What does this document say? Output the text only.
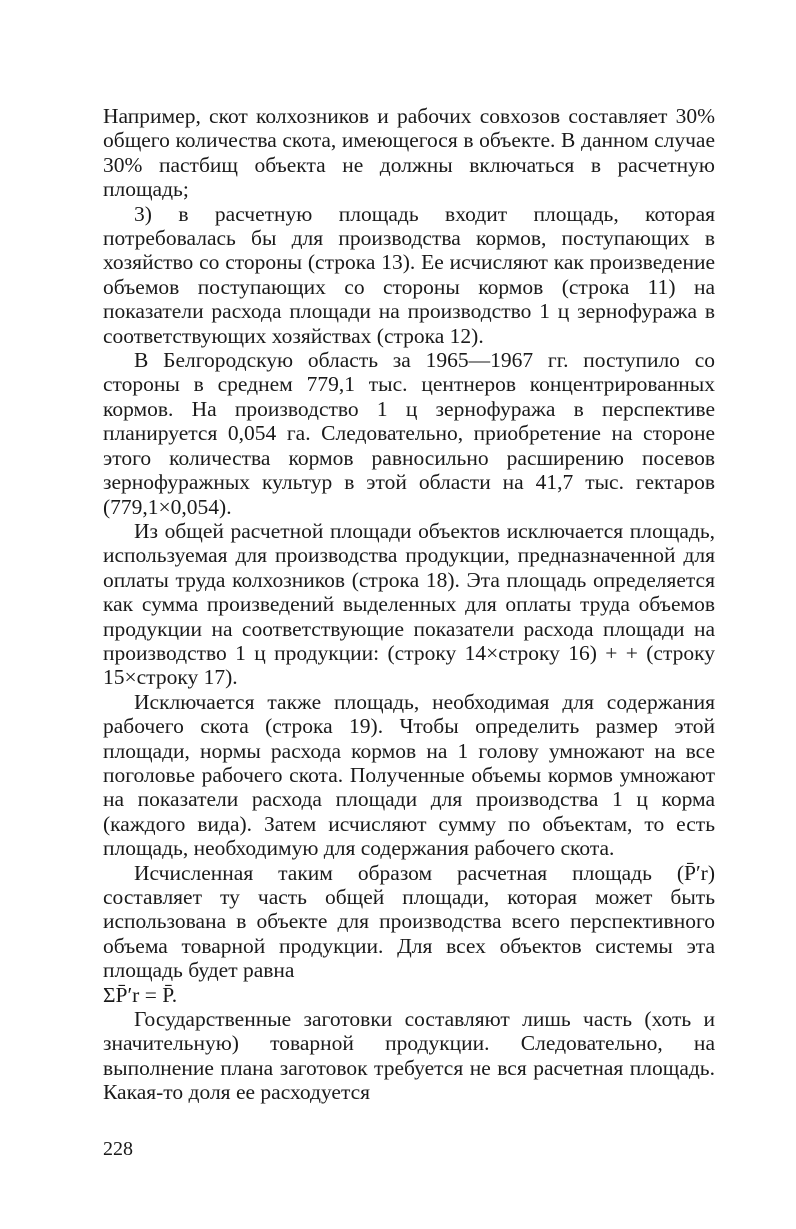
Например, скот колхозников и рабочих совхозов составляет 30% общего количества скота, имеющегося в объекте. В данном случае 30% пастбищ объекта не должны включаться в расчетную площадь;

3) в расчетную площадь входит площадь, которая потребовалась бы для производства кормов, поступающих в хозяйство со стороны (строка 13). Ее исчисляют как произведение объемов поступающих со стороны кормов (строка 11) на показатели расхода площади на производство 1 ц зернофуража в соответствующих хозяйствах (строка 12).

В Белгородскую область за 1965—1967 гг. поступило со стороны в среднем 779,1 тыс. центнеров концентрированных кормов. На производство 1 ц зернофуража в перспективе планируется 0,054 га. Следовательно, приобретение на стороне этого количества кормов равносильно расширению посевов зернофуражных культур в этой области на 41,7 тыс. гектаров (779,1×0,054).

Из общей расчетной площади объектов исключается площадь, используемая для производства продукции, предназначенной для оплаты труда колхозников (строка 18). Эта площадь определяется как сумма произведений выделенных для оплаты труда объемов продукции на соответствующие показатели расхода площади на производство 1 ц продукции: (строку 14×строку 16) + + (строку 15×строку 17).

Исключается также площадь, необходимая для содержания рабочего скота (строка 19). Чтобы определить размер этой площади, нормы расхода кормов на 1 голову умножают на все поголовье рабочего скота. Полученные объемы кормов умножают на показатели расхода площади для производства 1 ц корма (каждого вида). Затем исчисляют сумму по объектам, то есть площадь, необходимую для содержания рабочего скота.

Исчисленная таким образом расчетная площадь (P̄′r) составляет ту часть общей площади, которая может быть использована в объекте для производства всего перспективного объема товарной продукции. Для всех объектов системы эта площадь будет равна

ΣP̄′r = P̄.

Государственные заготовки составляют лишь часть (хоть и значительную) товарной продукции. Следовательно, на выполнение плана заготовок требуется не вся расчетная площадь. Какая-то доля ее расходуется

228
